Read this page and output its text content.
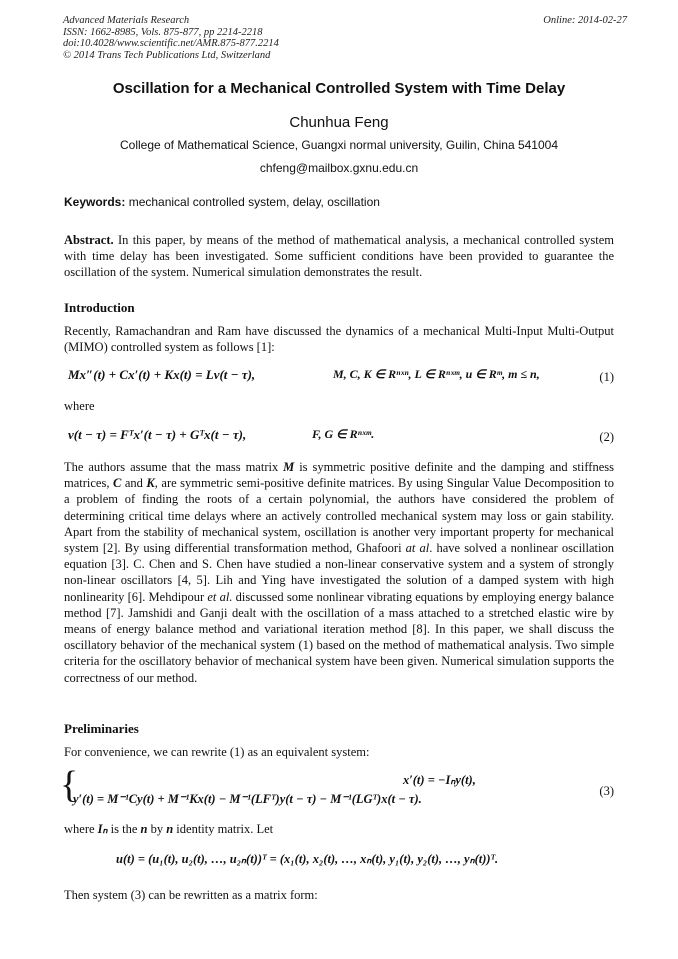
Advanced Materials Research
ISSN: 1662-8985, Vols. 875-877, pp 2214-2218
doi:10.4028/www.scientific.net/AMR.875-877.2214
© 2014 Trans Tech Publications Ltd, Switzerland
Online: 2014-02-27
Oscillation for a Mechanical Controlled System with Time Delay
Chunhua Feng
College of Mathematical Science, Guangxi normal university, Guilin, China 541004
chfeng@mailbox.gxnu.edu.cn
Keywords: mechanical controlled system, delay, oscillation
Abstract. In this paper, by means of the method of mathematical analysis, a mechanical controlled system with time delay has been investigated. Some sufficient conditions have been provided to guarantee the oscillation of the system. Numerical simulation demonstrates the result.
Introduction
Recently, Ramachandran and Ram have discussed the dynamics of a mechanical Multi-Input Multi-Output (MIMO) controlled system as follows [1]:
Mx″(t) + Cx′(t) + Kx(t) = Lv(t − τ),	M, C, K ∈ Rⁿˣⁿ, L ∈ Rⁿˣᵐ, u ∈ Rᵐ, m ≤ n,	(1)
where
v(t − τ) = Fᵀx′(t − τ) + Gᵀx(t − τ),	F, G ∈ Rⁿˣᵐ.	(2)
The authors assume that the mass matrix M is symmetric positive definite and the damping and stiffness matrices, C and K, are symmetric semi-positive definite matrices. By using Singular Value Decomposition to a problem of finding the roots of a certain polynomial, the authors have considered the problem of determining critical time delays where an actively controlled mechanical system may loss or gain stability. Apart from the stability of mechanical system, oscillation is another very important property for mechanical system [2]. By using differential transformation method, Ghafoori at al. have solved a nonlinear oscillation equation [3]. C. Chen and S. Chen have studied a non-linear conservative system and a system of strongly non-linear oscillators [4, 5]. Lih and Ying have investigated the solution of a damped system with high nonlinearity [6]. Mehdipour et al. discussed some nonlinear vibrating equations by employing energy balance method [7]. Jamshidi and Ganji dealt with the oscillation of a mass attached to a stretched elastic wire by means of energy balance method and variational iteration method [8]. In this paper, we shall discuss the oscillatory behavior of the mechanical system (1) based on the method of mathematical analysis. Two simple criteria for the oscillatory behavior of mechanical system have been given. Numerical simulation supports the correctness of our method.
Preliminaries
For convenience, we can rewrite (1) as an equivalent system:
{	x′(t) = −Iₙy(t),
y′(t) = M⁻¹Cy(t) + M⁻¹Kx(t) − M⁻¹(LFᵀ)y(t − τ) − M⁻¹(LGᵀ)x(t − τ).
(3)
where Iₙ is the n by n identity matrix. Let
u(t) = (u₁(t), u₂(t), …, u₂ₙ(t))ᵀ = (x₁(t), x₂(t), …, xₙ(t), y₁(t), y₂(t), …, yₙ(t))ᵀ.
Then system (3) can be rewritten as a matrix form:
